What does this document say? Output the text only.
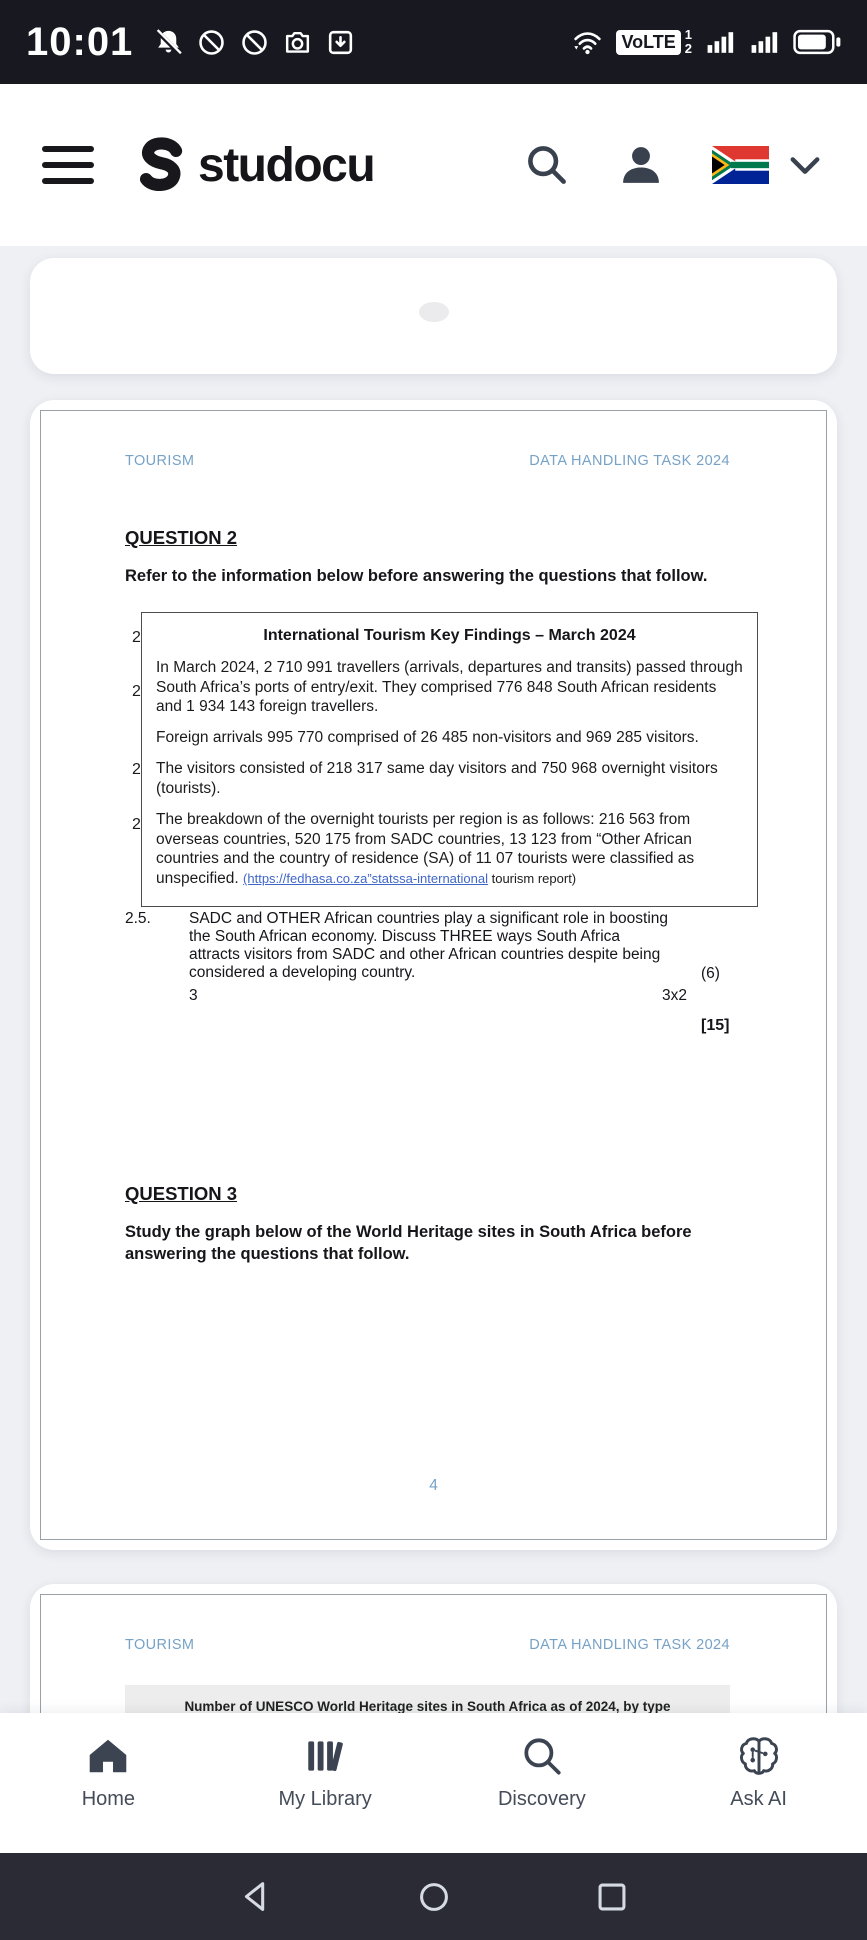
10:01	VoLTE 1
2
studocu
TOURISM	DATA HANDLING TASK 2024
QUESTION 2
Refer to the information below before answering the questions that follow.
2
2
2
2
International Tourism Key Findings – March 2024

In March 2024, 2 710 991 travellers (arrivals, departures and transits) passed through South Africa’s ports of entry/exit. They comprised 776 848 South African residents and 1 934 143 foreign travellers.

Foreign arrivals 995 770 comprised of 26 485 non-visitors and 969 285 visitors.

The visitors consisted of 218 317 same day visitors and 750 968 overnight visitors (tourists).

The breakdown of the overnight tourists per region is as follows: 216 563 from overseas countries, 520 175 from SADC countries, 13 123 from “Other African countries and the country of residence (SA) of 11 07 tourists were classified as unspecified. (https://fedhasa.co.za”statssa-international tourism report)

2.5.	SADC and OTHER African countries play a significant role in boosting the South African economy. Discuss THREE ways South Africa attracts visitors from SADC and other African countries despite being considered a developing country.	(6)
3	3x2
[15]
QUESTION 3
Study the graph below of the World Heritage sites in South Africa before answering the questions that follow.
4
TOURISM	DATA HANDLING TASK 2024
Number of UNESCO World Heritage sites in South Africa as of 2024, by type
Home	My Library	Discovery	Ask AI
